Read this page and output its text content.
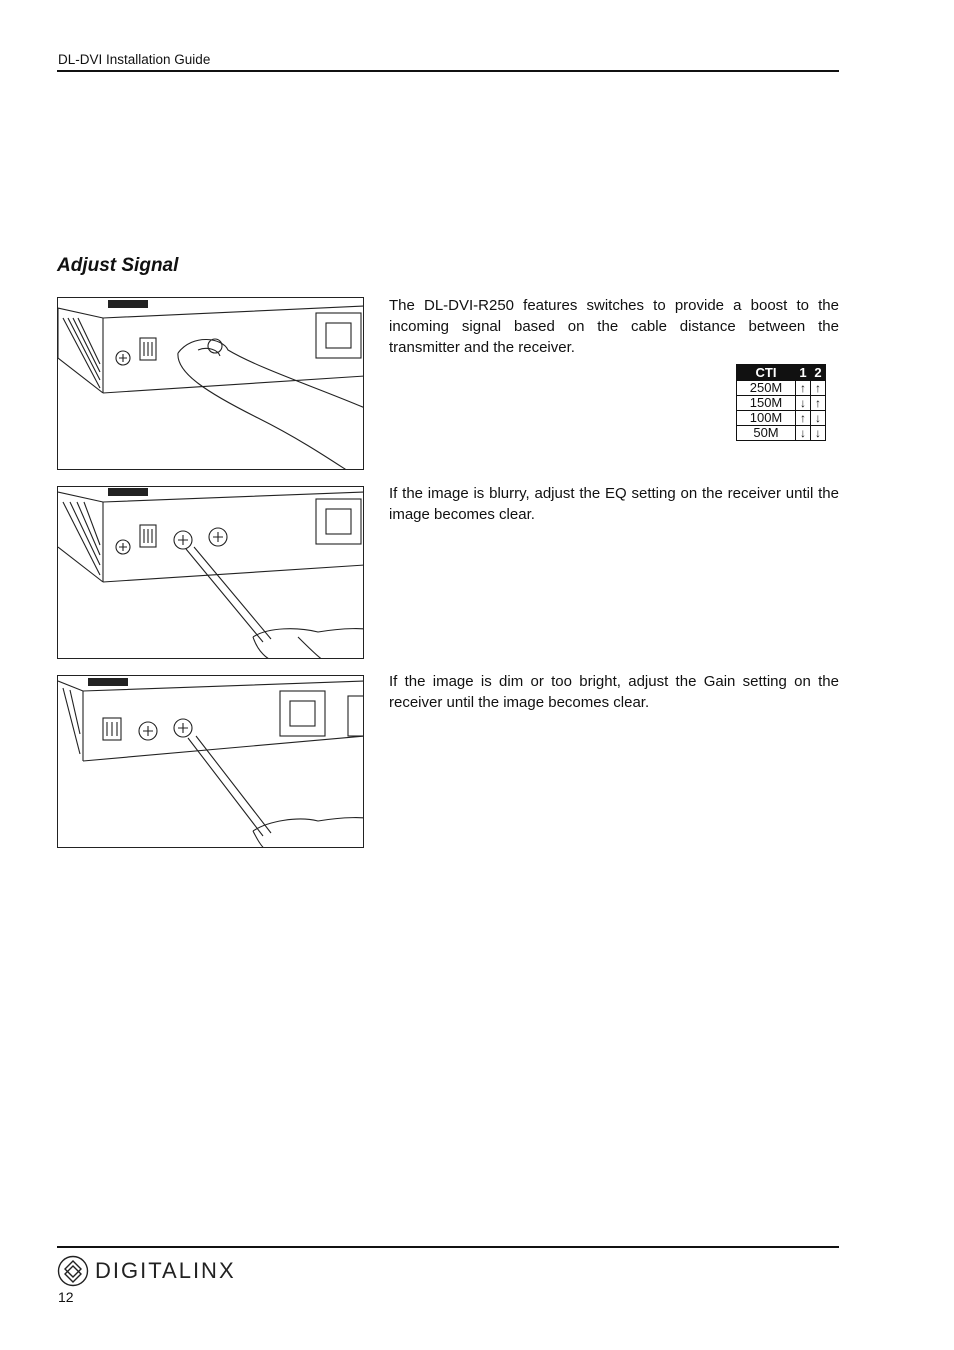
DL-DVI Installation Guide
Adjust Signal
The DL-DVI-R250 features switches to provide a boost to the incoming signal based on the cable distance between the transmitter and the receiver.
CTI	1	2
250M	↑	↑
150M	↓	↑
100M	↑	↓
50M	↓	↓
If the image is blurry, adjust the EQ setting on the receiver until the image becomes clear.
If the image is dim or too bright, adjust the Gain setting on the receiver until the image becomes clear.
DIGITALINX
12
